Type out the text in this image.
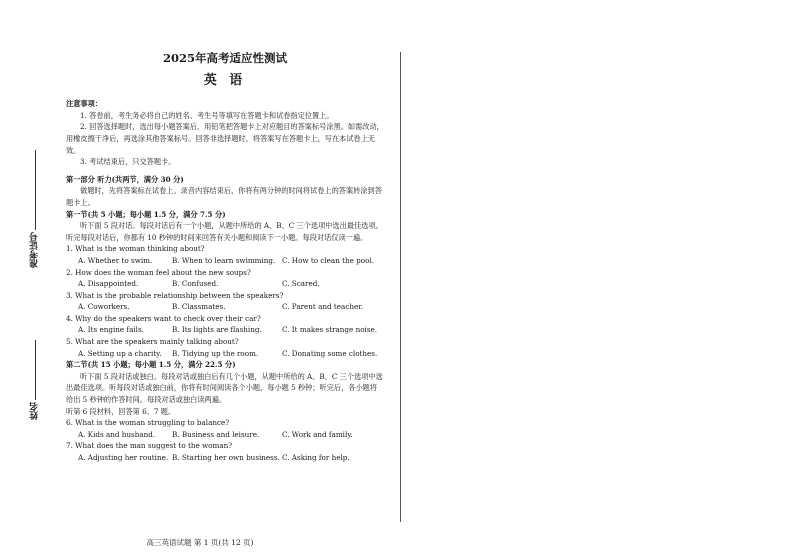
准考证号
姓名
2025年高考适应性测试
英 语

注意事项：

1. 答卷前，考生务必将自己的姓名、考生号等填写在答题卡和试卷指定位置上。

2. 回答选择题时，选出每小题答案后，用铅笔把答题卡上对应题目的答案标号涂黑。如需改动，用橡皮擦干净后，再选涂其他答案标号。回答非选择题时，将答案写在答题卡上，写在本试卷上无效。

3. 考试结束后，只交答题卡。

第一部分 听力(共两节，满分 30 分)

做题时，先将答案标在试卷上。录音内容结束后，你将有两分钟的时间将试卷上的答案转涂到答题卡上。

第一节(共 5 小题；每小题 1.5 分，满分 7.5 分)

听下面 5 段对话。每段对话后有一个小题，从题中所给的 A、B、C 三个选项中选出最佳选项。听完每段对话后，你都有 10 秒钟的时间来回答有关小题和阅读下一小题。每段对话仅读一遍。

1. What is the woman thinking about?

A. Whether to swim.	B. When to learn swimming. C. How to clean the pool.

2. How does the woman feel about the new soups?

A. Disappointed.	B. Confused.	C. Scared.

3. What is the probable relationship between the speakers?

A. Coworkers.	B. Classmates.	C. Parent and teacher.

4. Why do the speakers want to check over their car?

A. Its engine fails.	B. Its lights are flashing.	C. It makes strange noise.

5. What are the speakers mainly talking about?

A. Setting up a charity.	B. Tidying up the room.	C. Donating some clothes.

第二节(共 15 小题；每小题 1.5 分，满分 22.5 分)

听下面 5 段对话或独白。每段对话或独白后有几个小题，从题中所给的 A、B、C 三个选项中选出最佳选项。听每段对话或独白前，你将有时间阅读各个小题，每小题 5 秒钟；听完后，各小题将给出 5 秒钟的作答时间。每段对话或独白读两遍。

听第 6 段材料，回答第 6、7 题。

6. What is the woman struggling to balance?

A. Kids and husband.	B. Business and leisure.	C. Work and family.

7. What does the man suggest to the woman?

A. Adjusting her routine. B. Starting her own business. C. Asking for help.
高三英语试题 第 1 页(共 12 页)
